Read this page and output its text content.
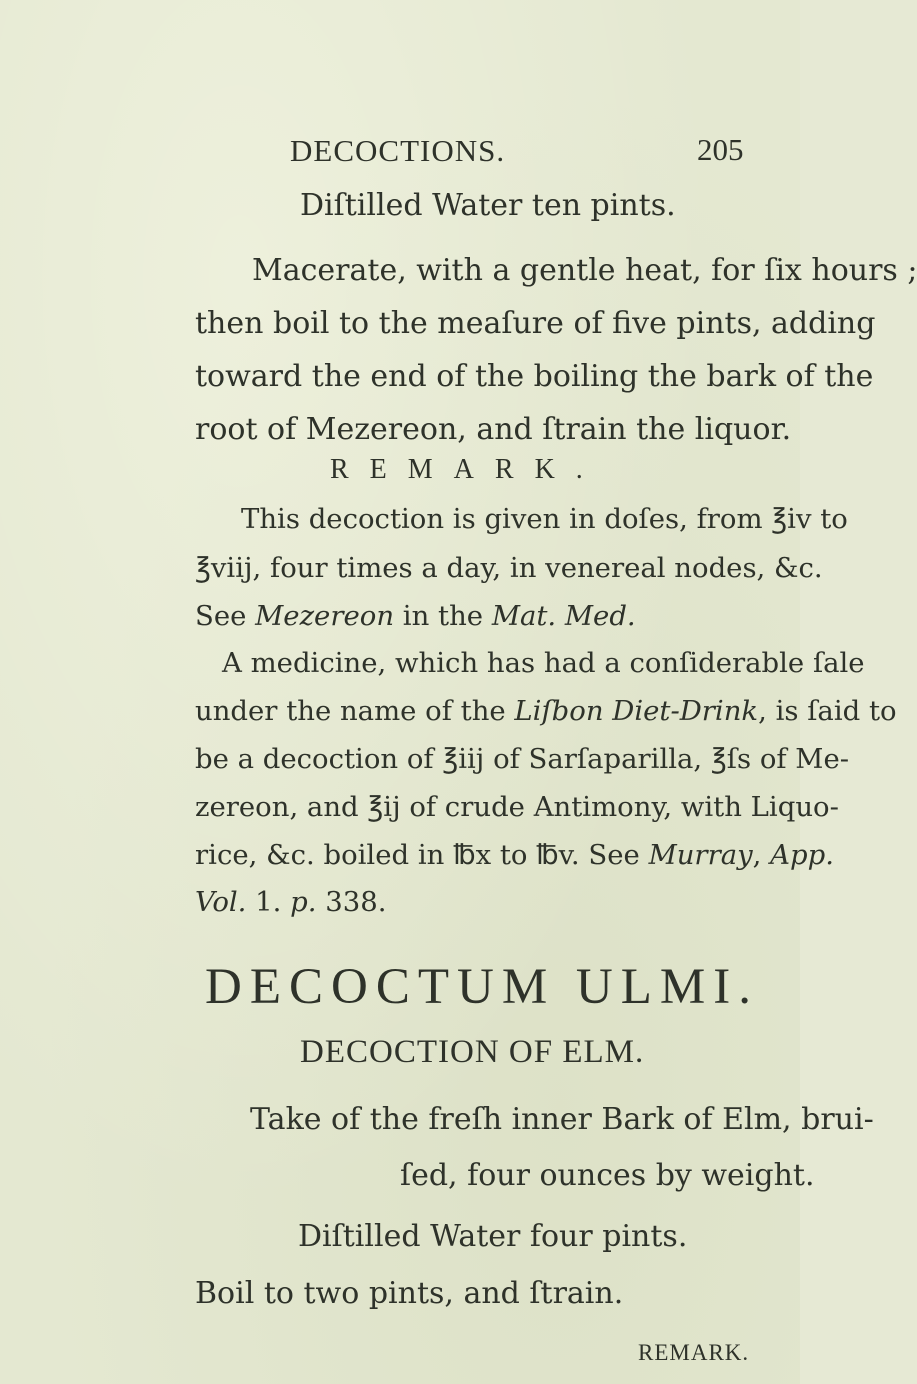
DECOCTIONS.	205
Diſtilled Water ten pints.
Macerate, with a gentle heat, for ſix hours ;
then boil to the meaſure of five pints, adding
toward the end of the boiling the bark of the
root of Mezereon, and ſtrain the liquor.
REMARK.
This decoction is given in doſes, from ℥iv to
℥viij, four times a day, in venereal nodes, &c.
See Mezereon in the Mat. Med.
A medicine, which has had a conſiderable ſale
under the name of the Liſbon Diet-Drink, is ſaid to
be a decoction of ℥iij of Sarſaparilla, ℥ſs of Me-
zereon, and ℥ij of crude Antimony, with Liquo-
rice, &c. boiled in ℔x to ℔v. See Murray, App.
Vol. 1. p. 338.
DECOCTUM ULMI.
DECOCTION OF ELM.
Take of the freſh inner Bark of Elm, brui-
ſed, four ounces by weight.
Diſtilled Water four pints.
Boil to two pints, and ſtrain.
REMARK.
